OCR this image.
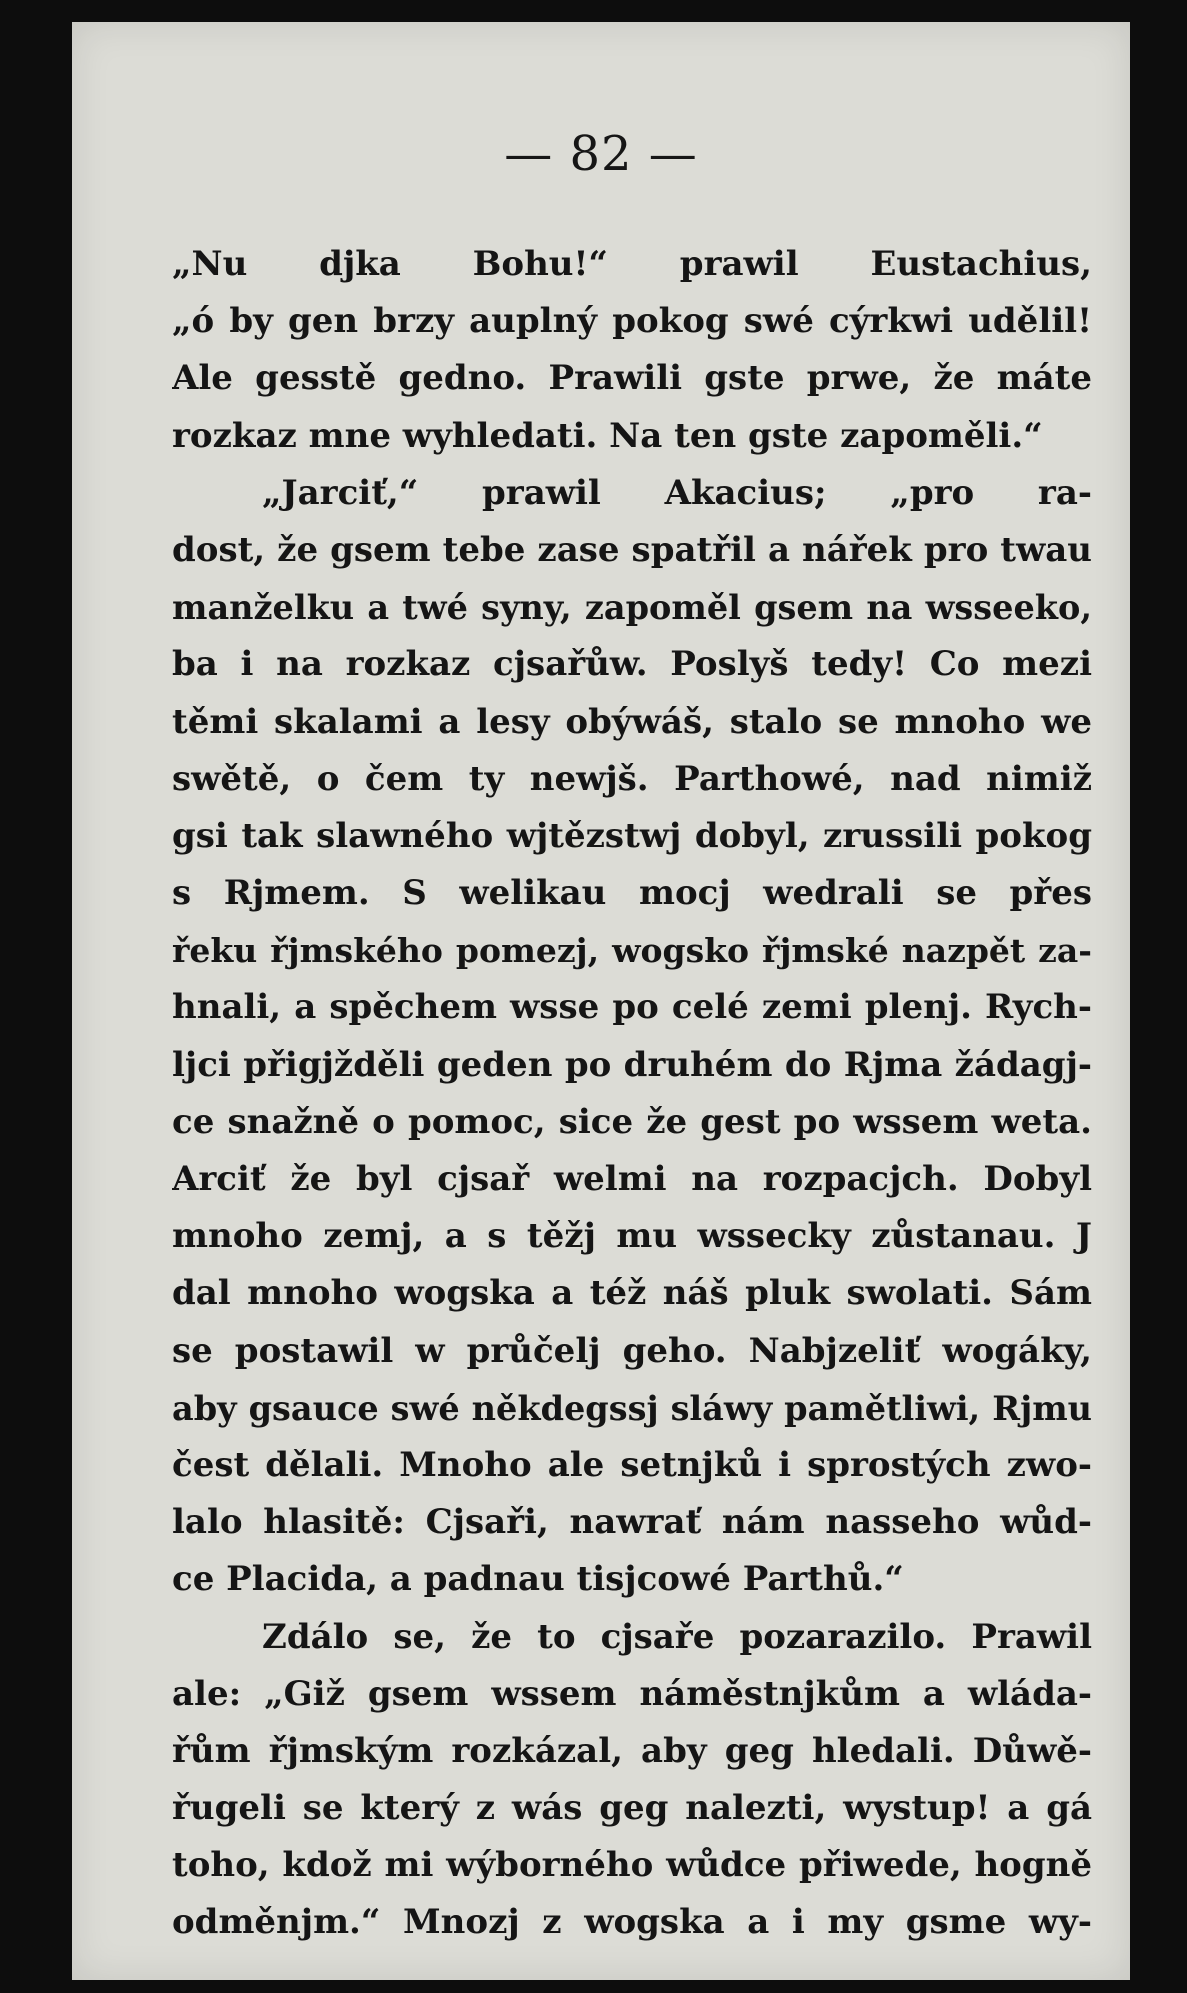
— 82 —
„Nu djka Bohu!“ prawil Eustachius,
„ó by gen brzy auplný pokog swé cýrkwi udělil!
Ale gesstě gedno. Prawili gste prwe, že máte
rozkaz mne wyhledati. Na ten gste zapoměli.“
„Jarciť,“ prawil Akacius; „pro ra-
dost, že gsem tebe zase spatřil a nářek pro twau
manželku a twé syny, zapoměl gsem na wsseeko,
ba i na rozkaz cjsařůw. Poslyš tedy! Co mezi
těmi skalami a lesy obýwáš, stalo se mnoho we
swětě, o čem ty newjš. Parthowé, nad nimiž
gsi tak slawného wjtězstwj dobyl, zrussili pokog
s Rjmem. S welikau mocj wedrali se přes
řeku řjmského pomezj, wogsko řjmské nazpět za-
hnali, a spěchem wsse po celé zemi plenj. Rych-
ljci přigjžděli geden po druhém do Rjma žádagj-
ce snažně o pomoc, sice že gest po wssem weta.
Arciť že byl cjsař welmi na rozpacjch. Dobyl
mnoho zemj, a s těžj mu wssecky zůstanau. J
dal mnoho wogska a též náš pluk swolati. Sám
se postawil w průčelj geho. Nabjzeliť wogáky,
aby gsauce swé někdegssj sláwy pamětliwi, Rjmu
čest dělali. Mnoho ale setnjků i sprostých zwo-
lalo hlasitě: Cjsaři, nawrať nám nasseho wůd-
ce Placida, a padnau tisjcowé Parthů.“
Zdálo se, že to cjsaře pozarazilo. Prawil
ale: „Giž gsem wssem náměstnjkům a wláda-
řům řjmským rozkázal, aby geg hledali. Důwě-
řugeli se který z wás geg nalezti, wystup! a gá
toho, kdož mi wýborného wůdce přiwede, hogně
odměnjm.“ Mnozj z wogska a i my gsme wy-
